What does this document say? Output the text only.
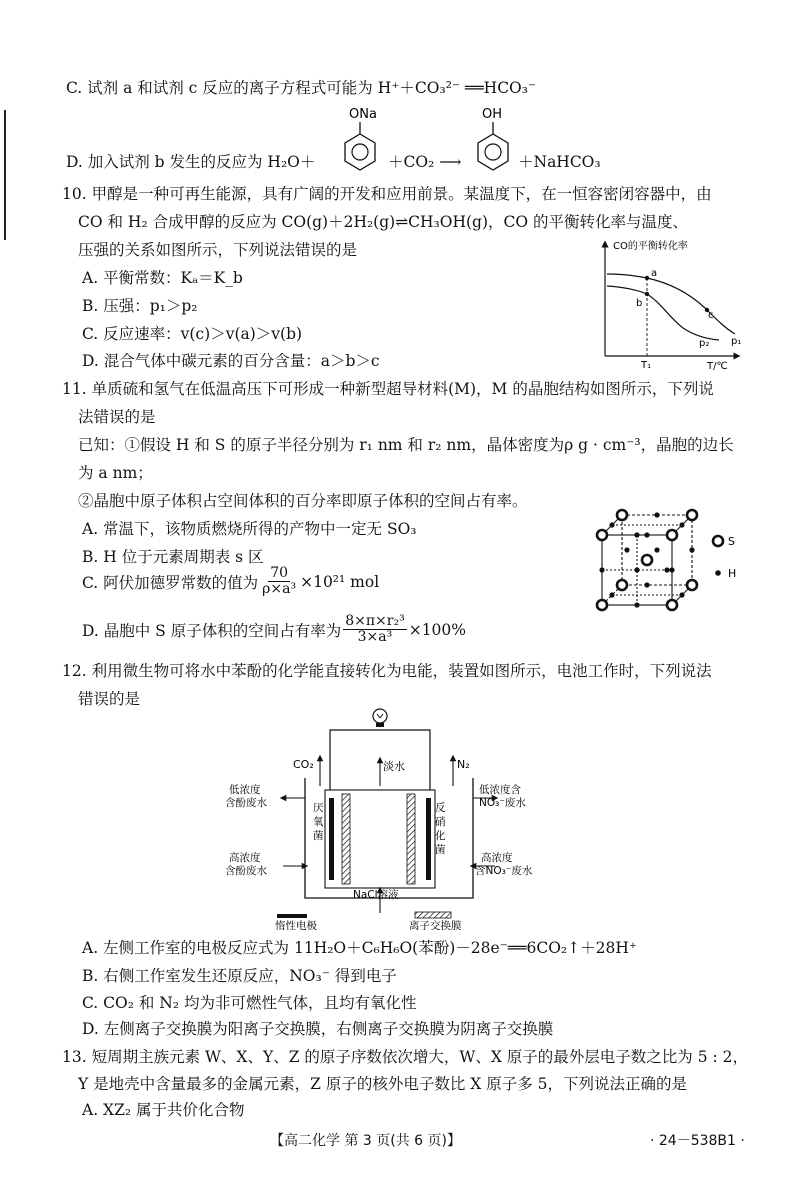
C. 试剂 a 和试剂 c 反应的离子方程式可能为 H⁺＋CO₃²⁻ ══HCO₃⁻
D. 加入试剂 b 发生的反应为 H₂O＋
ONa
＋CO₂ ⟶
OH
＋NaHCO₃
10. 甲醇是一种可再生能源，具有广阔的开发和应用前景。某温度下，在一恒容密闭容器中，由
CO 和 H₂ 合成甲醇的反应为 CO(g)＋2H₂(g)⇌CH₃OH(g)，CO 的平衡转化率与温度、
压强的关系如图所示，下列说法错误的是
A. 平衡常数：Kₐ＝K_b
B. 压强：p₁＞p₂
C. 反应速率：v(c)＞v(a)＞v(b)
D. 混合气体中碳元素的百分含量：a＞b＞c
CO的平衡转化率
T/℃
a
b
c
p₁
p₂
T₁
11. 单质硫和氢气在低温高压下可形成一种新型超导材料(M)，M 的晶胞结构如图所示，下列说
法错误的是
已知：①假设 H 和 S 的原子半径分别为 r₁ nm 和 r₂ nm，晶体密度为ρ g · cm⁻³，晶胞的边长
为 a nm；
②晶胞中原子体积占空间体积的百分率即原子体积的空间占有率。
A. 常温下，该物质燃烧所得的产物中一定无 SO₃
B. H 位于元素周期表 s 区
C. 阿伏加德罗常数的值为 $\frac{70}{\text{ρ×a³}} \times 10^{21}$ mol
D. 晶胞中 S 原子体积的空间占有率为 $\frac{\text{8×π×r₂³}}{\text{3×a³}} \times 100\%$
S
H
12. 利用微生物可将水中苯酚的化学能直接转化为电能，装置如图所示，电池工作时，下列说法
错误的是
厌
氧
菌
反
硝
化
菌
CO₂	淡水	N₂
低浓度
含酚废水
高浓度
含酚废水
低浓度含
NO₃⁻废水
高浓度
含NO₃⁻废水
NaCl溶液
惰性电极	离子交换膜
A. 左侧工作室的电极反应式为 11H₂O＋C₆H₆O(苯酚)－28e⁻══6CO₂↑＋28H⁺
B. 右侧工作室发生还原反应，NO₃⁻ 得到电子
C. CO₂ 和 N₂ 均为非可燃性气体，且均有氧化性
D. 左侧离子交换膜为阳离子交换膜，右侧离子交换膜为阴离子交换膜
13. 短周期主族元素 W、X、Y、Z 的原子序数依次增大，W、X 原子的最外层电子数之比为 5 : 2，
Y 是地壳中含量最多的金属元素，Z 原子的核外电子数比 X 原子多 5，下列说法正确的是
A. XZ₂ 属于共价化合物
【高二化学 第 3 页(共 6 页)】	· 24－538B1 ·
